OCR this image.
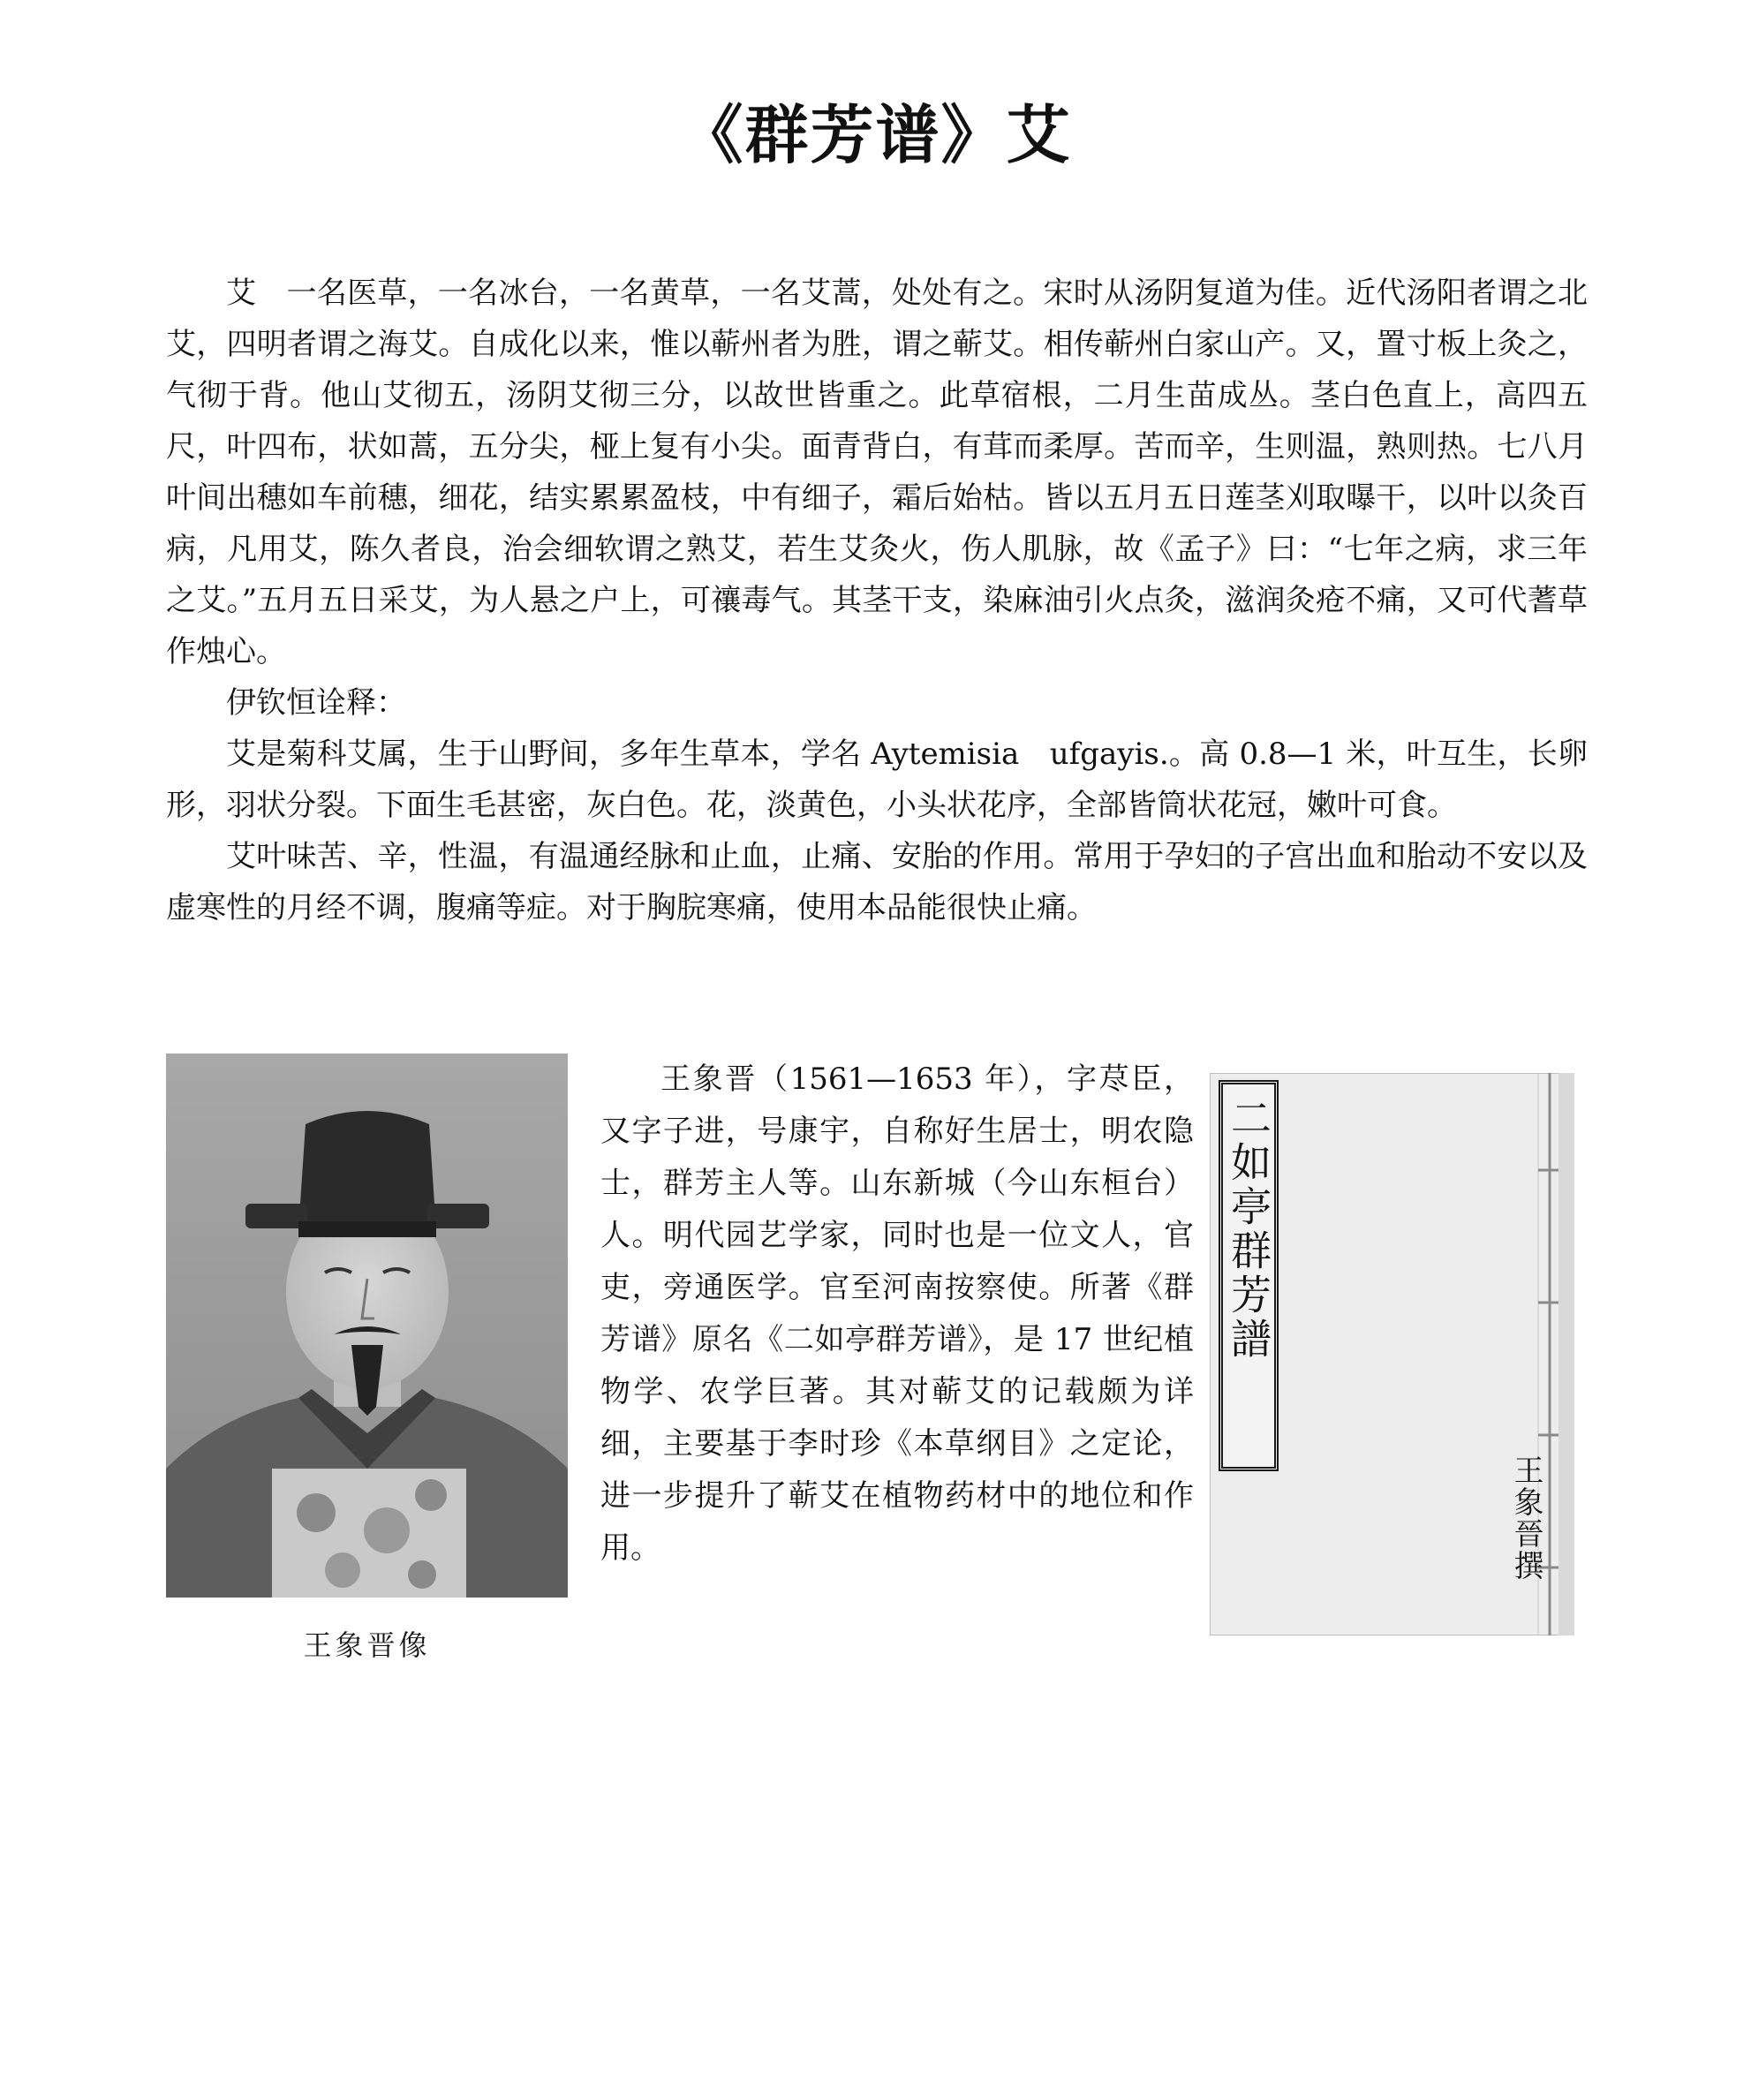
《群芳谱》艾

艾　一名医草，一名冰台，一名黄草，一名艾蒿，处处有之。宋时从汤阴复道为佳。近代汤阳者谓之北艾，四明者谓之海艾。自成化以来，惟以蕲州者为胜，谓之蕲艾。相传蕲州白家山产。又，置寸板上灸之，气彻于背。他山艾彻五，汤阴艾彻三分，以故世皆重之。此草宿根，二月生苗成丛。茎白色直上，高四五尺，叶四布，状如蒿，五分尖，桠上复有小尖。面青背白，有茸而柔厚。苦而辛，生则温，熟则热。七八月叶间出穗如车前穗，细花，结实累累盈枝，中有细子，霜后始枯。皆以五月五日莲茎刈取曝干，以叶以灸百病，凡用艾，陈久者良，治会细软谓之熟艾，若生艾灸火，伤人肌脉，故《孟子》曰：“七年之病，求三年之艾。”五月五日采艾，为人悬之户上，可禳毒气。其茎干支，染麻油引火点灸，滋润灸疮不痛，又可代蓍草作烛心。

伊钦恒诠释：

艾是菊科艾属，生于山野间，多年生草本，学名 Aytemisia　ufgayis.。高 0.8—1 米，叶互生，长卵形，羽状分裂。下面生毛甚密，灰白色。花，淡黄色，小头状花序，全部皆筒状花冠，嫩叶可食。

艾叶味苦、辛，性温，有温通经脉和止血，止痛、安胎的作用。常用于孕妇的子宫出血和胎动不安以及虚寒性的月经不调，腹痛等症。对于胸脘寒痛，使用本品能很快止痛。

王象晋像

王象晋（1561—1653 年），字荩臣，又字子进，号康宇，自称好生居士，明农隐士，群芳主人等。山东新城（今山东桓台）人。明代园艺学家，同时也是一位文人，官吏，旁通医学。官至河南按察使。所著《群芳谱》原名《二如亭群芳谱》，是 17 世纪植物学、农学巨著。其对蕲艾的记载颇为详细，主要基于李时珍《本草纲目》之定论，进一步提升了蕲艾在植物药材中的地位和作用。

二如亭群芳譜
王象晉撰
